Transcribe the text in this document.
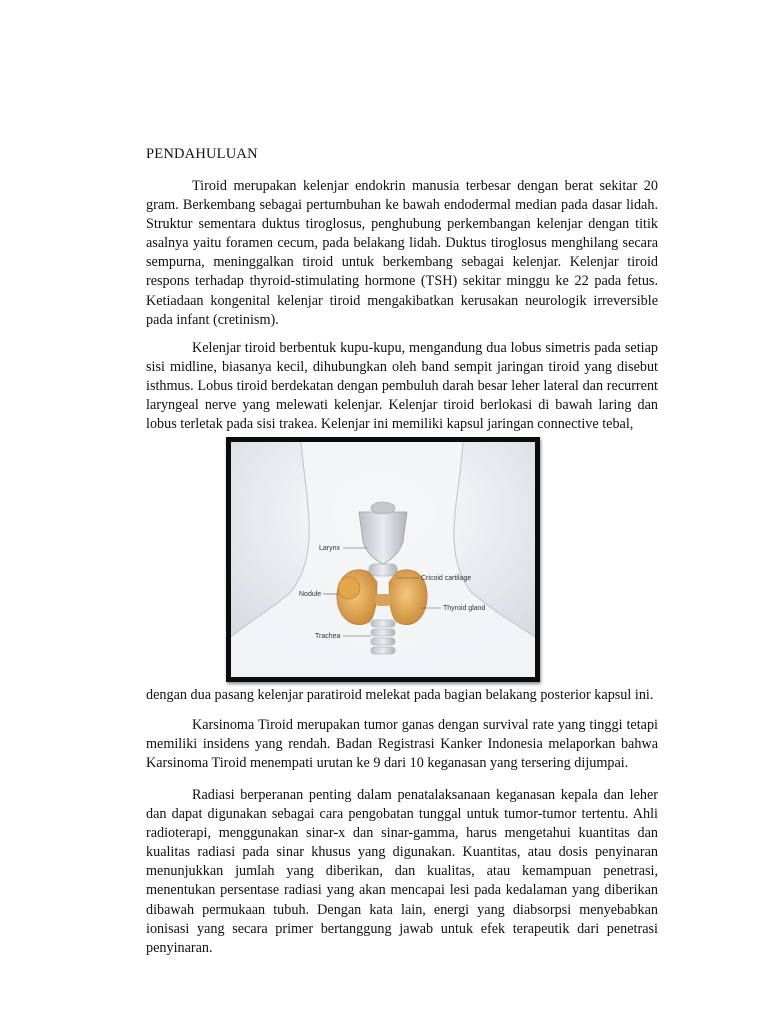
PENDAHULUAN

Tiroid merupakan kelenjar endokrin manusia terbesar dengan berat sekitar 20 gram. Berkembang sebagai pertumbuhan ke bawah endodermal median pada dasar lidah. Struktur sementara duktus tiroglosus, penghubung perkembangan kelenjar dengan titik asalnya yaitu foramen cecum, pada belakang lidah. Duktus tiroglosus menghilang secara sempurna, meninggalkan tiroid untuk berkembang sebagai kelenjar. Kelenjar tiroid respons terhadap thyroid-stimulating hormone (TSH) sekitar minggu ke 22 pada fetus. Ketiadaan kongenital kelenjar tiroid mengakibatkan kerusakan neurologik irreversible pada infant (cretinism).

Kelenjar tiroid berbentuk kupu-kupu, mengandung dua lobus simetris pada setiap sisi midline, biasanya kecil, dihubungkan oleh band sempit jaringan tiroid yang disebut isthmus. Lobus tiroid berdekatan dengan pembuluh darah besar leher lateral dan recurrent laryngeal nerve yang melewati kelenjar. Kelenjar tiroid berlokasi di bawah laring dan lobus terletak pada sisi trakea. Kelenjar ini memiliki kapsul jaringan connective tebal,

Larynx
Nodule
Cricoid cartilage
Thyroid gland
Trachea

dengan dua pasang kelenjar paratiroid melekat pada bagian belakang posterior kapsul ini.

Karsinoma Tiroid merupakan tumor ganas dengan survival rate yang tinggi tetapi memiliki insidens yang rendah. Badan Registrasi Kanker Indonesia melaporkan bahwa Karsinoma Tiroid menempati urutan ke 9 dari 10 keganasan yang tersering dijumpai.

Radiasi berperanan penting dalam penatalaksanaan keganasan kepala dan leher dan dapat digunakan sebagai cara pengobatan tunggal untuk tumor-tumor tertentu. Ahli radioterapi, menggunakan sinar-x dan sinar-gamma, harus mengetahui kuantitas dan kualitas radiasi pada sinar khusus yang digunakan. Kuantitas, atau dosis penyinaran menunjukkan jumlah yang diberikan, dan kualitas, atau kemampuan penetrasi, menentukan persentase radiasi yang akan mencapai lesi pada kedalaman yang diberikan dibawah permukaan tubuh. Dengan kata lain, energi yang diabsorpsi menyebabkan ionisasi yang secara primer bertanggung jawab untuk efek terapeutik dari penetrasi penyinaran.
